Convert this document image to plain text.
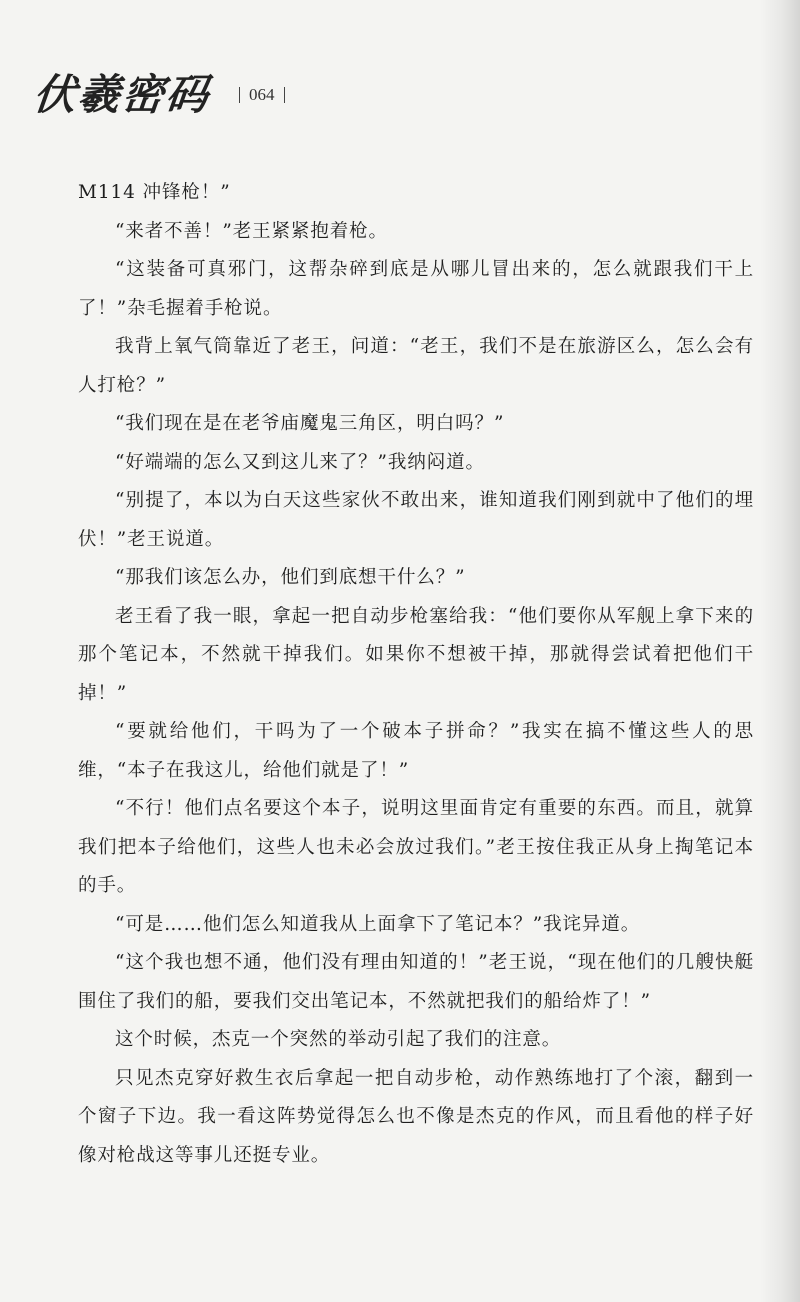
伏羲密码 064

M114 冲锋枪！”

“来者不善！”老王紧紧抱着枪。

“这装备可真邪门，这帮杂碎到底是从哪儿冒出来的，怎么就跟我们干上了！”杂毛握着手枪说。

我背上氧气筒靠近了老王，问道：“老王，我们不是在旅游区么，怎么会有人打枪？”

“我们现在是在老爷庙魔鬼三角区，明白吗？”

“好端端的怎么又到这儿来了？”我纳闷道。

“别提了，本以为白天这些家伙不敢出来，谁知道我们刚到就中了他们的埋伏！”老王说道。

“那我们该怎么办，他们到底想干什么？”

老王看了我一眼，拿起一把自动步枪塞给我：“他们要你从军舰上拿下来的那个笔记本，不然就干掉我们。如果你不想被干掉，那就得尝试着把他们干掉！”

“要就给他们，干吗为了一个破本子拼命？”我实在搞不懂这些人的思维，“本子在我这儿，给他们就是了！”

“不行！他们点名要这个本子，说明这里面肯定有重要的东西。而且，就算我们把本子给他们，这些人也未必会放过我们。”老王按住我正从身上掏笔记本的手。

“可是……他们怎么知道我从上面拿下了笔记本？”我诧异道。

“这个我也想不通，他们没有理由知道的！”老王说，“现在他们的几艘快艇围住了我们的船，要我们交出笔记本，不然就把我们的船给炸了！”

这个时候，杰克一个突然的举动引起了我们的注意。

只见杰克穿好救生衣后拿起一把自动步枪，动作熟练地打了个滚，翻到一个窗子下边。我一看这阵势觉得怎么也不像是杰克的作风，而且看他的样子好像对枪战这等事儿还挺专业。
